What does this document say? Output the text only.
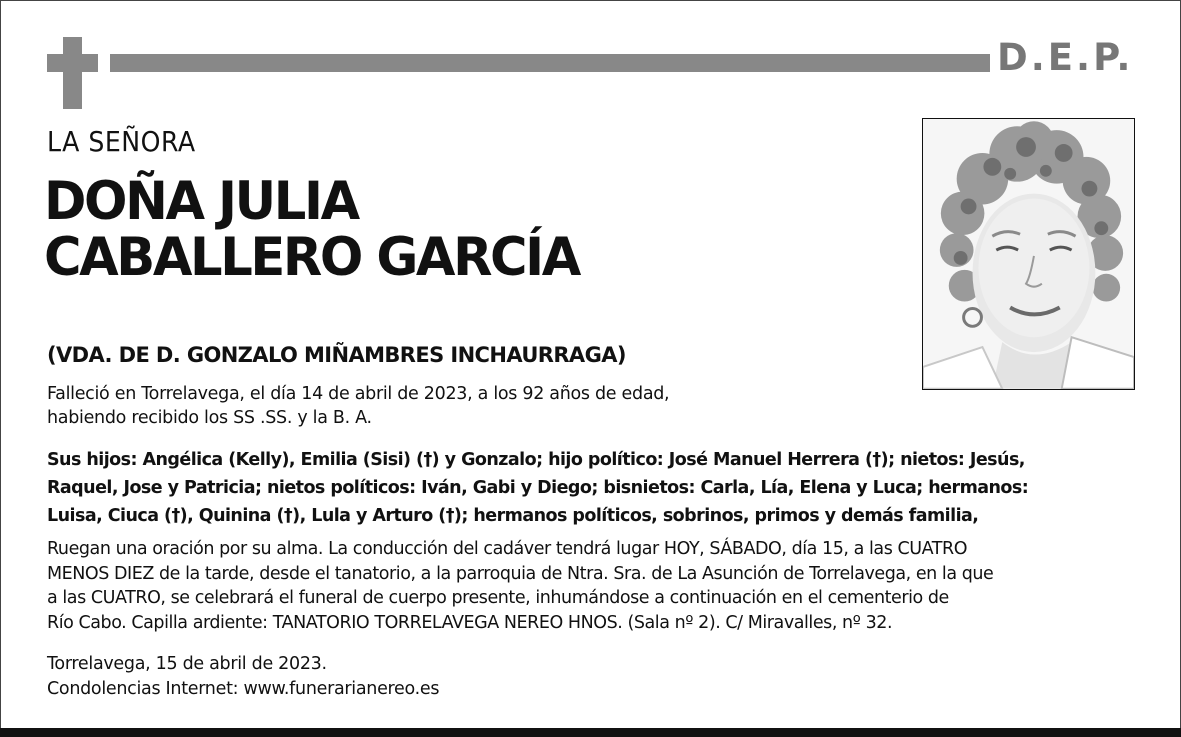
D.E.P.
LA SEÑORA
DOÑA JULIA
CABALLERO GARCÍA
(VDA. DE D. GONZALO MIÑAMBRES INCHAURRAGA)
Falleció en Torrelavega, el día 14 de abril de 2023, a los 92 años de edad,
habiendo recibido los SS .SS. y la B. A.
Sus hijos: Angélica (Kelly), Emilia (Sisi) (†) y Gonzalo; hijo político: José Manuel Herrera (†); nietos: Jesús,
Raquel, Jose y Patricia; nietos políticos: Iván, Gabi y Diego; bisnietos: Carla, Lía, Elena y Luca; hermanos:
Luisa, Ciuca (†), Quinina (†), Lula y Arturo (†); hermanos políticos, sobrinos, primos y demás familia,
Ruegan una oración por su alma. La conducción del cadáver tendrá lugar HOY, SÁBADO, día 15, a las CUATRO
MENOS DIEZ de la tarde, desde el tanatorio, a la parroquia de Ntra. Sra. de La Asunción de Torrelavega, en la que
a las CUATRO, se celebrará el funeral de cuerpo presente, inhumándose a continuación en el cementerio de
Río Cabo. Capilla ardiente: TANATORIO TORRELAVEGA NEREO HNOS. (Sala nº 2). C/ Miravalles, nº 32.
Torrelavega, 15 de abril de 2023.
Condolencias Internet: www.funerarianereo.es
